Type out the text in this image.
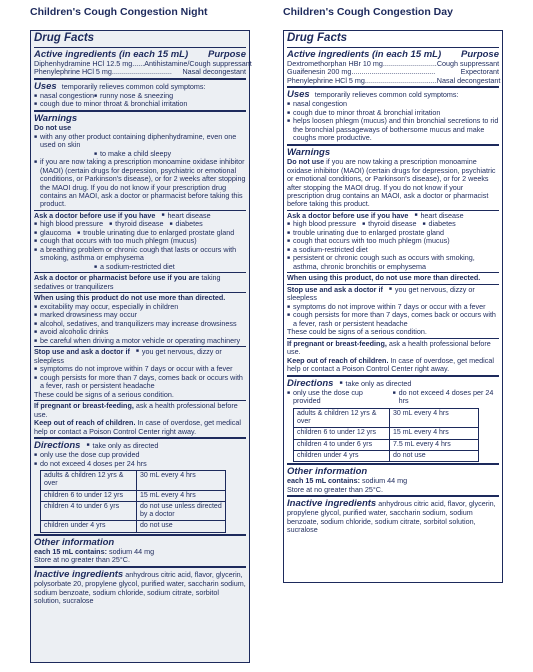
Children's Cough Congestion Night	Children's Cough Congestion Day
Drug Facts
Active ingredients (in each 15 mL) Purpose
Diphenhydramine HCl 12.5 mg ...... Antihistamine/Cough suppressant
Phenylephrine HCl 5 mg ..............................	Nasal decongestant
Uses temporarily relieves common cold symptoms:
■ nasal congestion ■ runny nose & sneezing
■ cough due to minor throat & bronchial irritation
Warnings
Do not use
■ with any other product containing diphenhydramine, even one used on skin
■ to make a child sleepy
■ if you are now taking a prescription monoamine oxidase inhibitor (MAOI) (certain drugs for depression, psychiatric or emotional conditions, or Parkinson's disease), or for 2 weeks after stopping the MAOI drug. If you do not know if your prescription drug contains an MAOI, ask a doctor or pharmacist before taking this product.
Ask a doctor before use if you have ■ heart disease
■ high blood pressure	■ thyroid disease	■ diabetes
■ glaucoma	■ trouble urinating due to enlarged prostate gland
■ cough that occurs with too much phlegm (mucus)
■ a breathing problem or chronic cough that lasts or occurs with smoking, asthma or emphysema
■ a sodium-restricted diet
Ask a doctor or pharmacist before use if you are taking sedatives or tranquilizers
When using this product do not use more than directed.
■ excitability may occur, especially in children
■ marked drowsiness may occur
■ alcohol, sedatives, and tranquilizers may increase drowsiness
■ avoid alcoholic drinks
■ be careful when driving a motor vehicle or operating machinery
Stop use and ask a doctor if ■ you get nervous, dizzy or sleepless
■ symptoms do not improve within 7 days or occur with a fever
■ cough persists for more than 7 days, comes back or occurs with a fever, rash or persistent headache
These could be signs of a serious condition.
If pregnant or breast-feeding, ask a health professional before use.
Keep out of reach of children. In case of overdose, get medical help or contact a Poison Control Center right away.
Directions ■ take only as directed
■ only use the dose cup provided
■ do not exceed 4 doses per 24 hrs
adults & children 12 yrs & over	30 mL every 4 hrs
children 6 to under 12 yrs	15 mL every 4 hrs
children 4 to under 6 yrs	do not use unless directed by a doctor
children under 4 yrs	do not use
Other information
each 15 mL contains: sodium 44 mg
Store at no greater than 25°C.
Inactive ingredients anhydrous citric acid, flavor, glycerin, polysorbate 20, propylene glycol, purified water, saccharin sodium, sodium benzoate, sodium chloride, sodium citrate, sorbitol solution, sucralose
Drug Facts
Active ingredients (in each 15 mL) Purpose
Dextromethorphan HBr 10 mg ........................... Cough suppressant
Guaifenesin 200 mg ..........................................	Expectorant
Phenylephrine HCl 5 mg .................................... Nasal decongestant
Uses temporarily relieves common cold symptoms:
■ nasal congestion
■ cough due to minor throat & bronchial irritation
■ helps loosen phlegm (mucus) and thin bronchial secretions to rid the bronchial passageways of bothersome mucus and make coughs more productive.
Warnings
Do not use if you are now taking a prescription monoamine oxidase inhibitor (MAOI) (certain drugs for depression, psychiatric or emotional conditions, or Parkinson's disease), or for 2 weeks after stopping the MAOI drug. If you do not know if your prescription drug contains an MAOI, ask a doctor or pharmacist before taking this product.
Ask a doctor before use if you have ■ heart disease
■ high blood pressure	■ thyroid disease	■ diabetes
■ trouble urinating due to enlarged prostate gland
■ cough that occurs with too much phlegm (mucus)
■ a sodium-restricted diet
■ persistent or chronic cough such as occurs with smoking, asthma, chronic bronchitis or emphysema
When using this product, do not use more than directed.
Stop use and ask a doctor if ■ you get nervous, dizzy or sleepless
■ symptoms do not improve within 7 days or occur with a fever
■ cough persists for more than 7 days, comes back or occurs with a fever, rash or persistent headache
These could be signs of a serious condition.
If pregnant or breast-feeding, ask a health professional before use.
Keep out of reach of children. In case of overdose, get medical help or contact a Poison Control Center right away.
Directions ■ take only as directed
■ only use the dose cup provided
■ do not exceed 4 doses per 24 hrs
adults & children 12 yrs & over	30 mL every 4 hrs
children 6 to under 12 yrs	15 mL every 4 hrs
children 4 to under 6 yrs	7.5 mL every 4 hrs
children under 4 yrs	do not use
Other information
each 15 mL contains: sodium 44 mg
Store at no greater than 25°C.
Inactive ingredients anhydrous citric acid, flavor, glycerin, propylene glycol, purified water, saccharin sodium, sodium benzoate, sodium chloride, sodium citrate, sorbitol solution, sucralose
